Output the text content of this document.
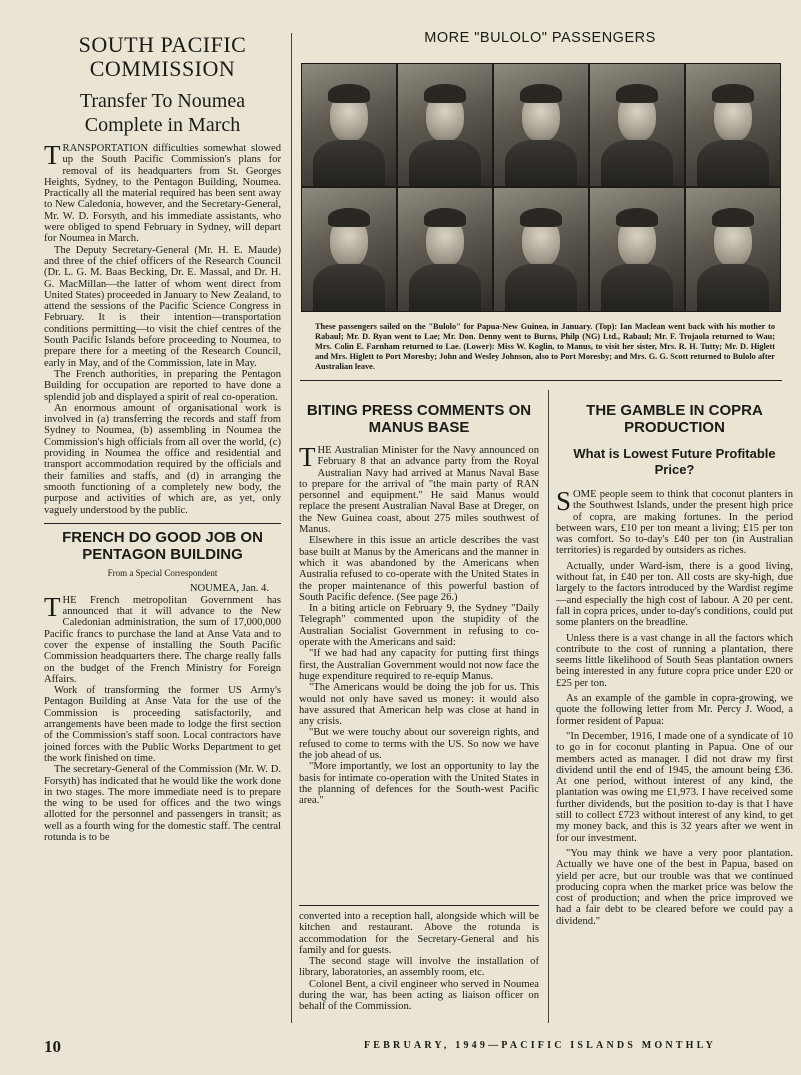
SOUTH PACIFIC
COMMISSION
Transfer To Noumea
Complete in March

TRANSPORTATION difficulties somewhat slowed up the South Pacific Commission's plans for removal of its headquarters from St. Georges Heights, Sydney, to the Pentagon Building, Noumea. Practically all the material required has been sent away to New Caledonia, however, and the Secretary-General, Mr. W. D. Forsyth, and his immediate assistants, who were obliged to spend February in Sydney, will depart for Noumea in March.

The Deputy Secretary-General (Mr. H. E. Maude) and three of the chief officers of the Research Council (Dr. L. G. M. Baas Becking, Dr. E. Massal, and Dr. H. G. MacMillan—the latter of whom went direct from United States) proceeded in January to New Zealand, to attend the sessions of the Pacific Science Congress in February. It is their intention—transportation conditions permitting—to visit the chief centres of the South Pacific Islands before proceeding to Noumea, to prepare there for a meeting of the Research Council, early in May, and of the Commission, late in May.

The French authorities, in preparing the Pentagon Building for occupation are reported to have done a splendid job and displayed a spirit of real co-operation.

An enormous amount of organisational work is involved in (a) transferring the records and staff from Sydney to Noumea, (b) assembling in Noumea the Commission's high officials from all over the world, (c) providing in Noumea the office and residential and transport accommodation required by the officials and their families and staffs, and (d) in arranging the smooth functioning of a completely new body, the purpose and activities of which are, as yet, only vaguely understood by the public.

FRENCH DO GOOD JOB ON
PENTAGON BUILDING
From a Special Correspondent
NOUMEA, Jan. 4.

THE French metropolitan Government has announced that it will advance to the New Caledonian administration, the sum of 17,000,000 Pacific francs to purchase the land at Anse Vata and to cover the expense of installing the South Pacific Commission headquarters there. The charge really falls on the budget of the French Ministry for Foreign Affairs.

Work of transforming the former US Army's Pentagon Building at Anse Vata for the use of the Commission is proceeding satisfactorily, and arrangements have been made to lodge the first section of the Commission's staff soon. Local contractors have joined forces with the Public Works Department to get the work finished on time.

The secretary-General of the Commission (Mr. W. D. Forsyth) has indicated that he would like the work done in two stages. The more immediate need is to prepare the wing to be used for offices and the two wings allotted for the personnel and passengers in transit; as well as a fourth wing for the domestic staff. The central rotunda is to be

MORE "BULOLO" PASSENGERS
These passengers sailed on the "Bulolo" for Papua-New Guinea, in January. (Top): Ian Maclean went back with his mother to Rabaul; Mr. D. Ryan went to Lae; Mr. Don. Denny went to Burns, Philp (NG) Ltd., Rabaul; Mr. F. Trojaola returned to Wau; Mrs. Colin E. Farnham returned to Lae. (Lower): Miss W. Koglin, to Manus, to visit her sister, Mrs. R. H. Tutty; Mr. D. Higlett and Mrs. Higlett to Port Moresby; John and Wesley Johnson, also to Port Moresby; and Mrs. G. G. Scott returned to Bulolo after Australian leave.
BITING PRESS COMMENTS ON
MANUS BASE

THE Australian Minister for the Navy announced on February 8 that an advance party from the Royal Australian Navy had arrived at Manus Naval Base to prepare for the arrival of "the main party of RAN personnel and equipment." He said Manus would replace the present Australian Naval Base at Dreger, on the New Guinea coast, about 275 miles southwest of Manus.

Elsewhere in this issue an article describes the vast base built at Manus by the Americans and the manner in which it was abandoned by the Americans when Australia refused to co-operate with the United States in the proper maintenance of this powerful bastion of South Pacific defence. (See page 26.)

In a biting article on February 9, the Sydney "Daily Telegraph" commented upon the stupidity of the Australian Socialist Government in refusing to co-operate with the Americans and said:

"If we had had any capacity for putting first things first, the Australian Government would not now face the huge expenditure required to re-equip Manus.

"The Americans would be doing the job for us. This would not only have saved us money: it would also have assured that American help was close at hand in any crisis.

"But we were touchy about our sovereign rights, and refused to come to terms with the US. So now we have the job ahead of us.

"More importantly, we lost an opportunity to lay the basis for intimate co-operation with the United States in the planning of defences for the South-west Pacific area."

converted into a reception hall, alongside which will be kitchen and restaurant. Above the rotunda is accommodation for the Secretary-General and his family and for guests.

The second stage will involve the installation of library, laboratories, an assembly room, etc.

Colonel Bent, a civil engineer who served in Noumea during the war, has been acting as liaison officer on behalf of the Commission.

THE GAMBLE IN COPRA
PRODUCTION
What is Lowest Future Profitable
Price?

SOME people seem to think that coconut planters in the Southwest Islands, under the present high price of copra, are making fortunes. In the period between wars, £10 per ton meant a living; £15 per ton was comfort. So to-day's £40 per ton (in Australian territories) is regarded by outsiders as riches.

Actually, under Ward-ism, there is a good living, without fat, in £40 per ton. All costs are sky-high, due largely to the factors introduced by the Wardist regime —and especially the high cost of labour. A 20 per cent. fall in copra prices, under to-day's conditions, could put some planters on the breadline.

Unless there is a vast change in all the factors which contribute to the cost of running a plantation, there seems little likelihood of South Seas plantation owners being interested in any future copra price under £20 or £25 per ton.

As an example of the gamble in copra-growing, we quote the following letter from Mr. Percy J. Wood, a former resident of Papua:

"In December, 1916, I made one of a syndicate of 10 to go in for coconut planting in Papua. One of our members acted as manager. I did not draw my first dividend until the end of 1945, the amount being £36. At one period, without interest of any kind, the plantation was owing me £1,973. I have received some further dividends, but the position to-day is that I have still to collect £723 without interest of any kind, to get my money back, and this is 32 years after we went in for our investment.

"You may think we have a very poor plantation. Actually we have one of the best in Papua, based on yield per acre, but our trouble was that we continued producing copra when the market price was below the cost of production; and when the price improved we had a fair debt to be cleared before we could pay a dividend."

10	FEBRUARY, 1949—PACIFIC ISLANDS MONTHLY
